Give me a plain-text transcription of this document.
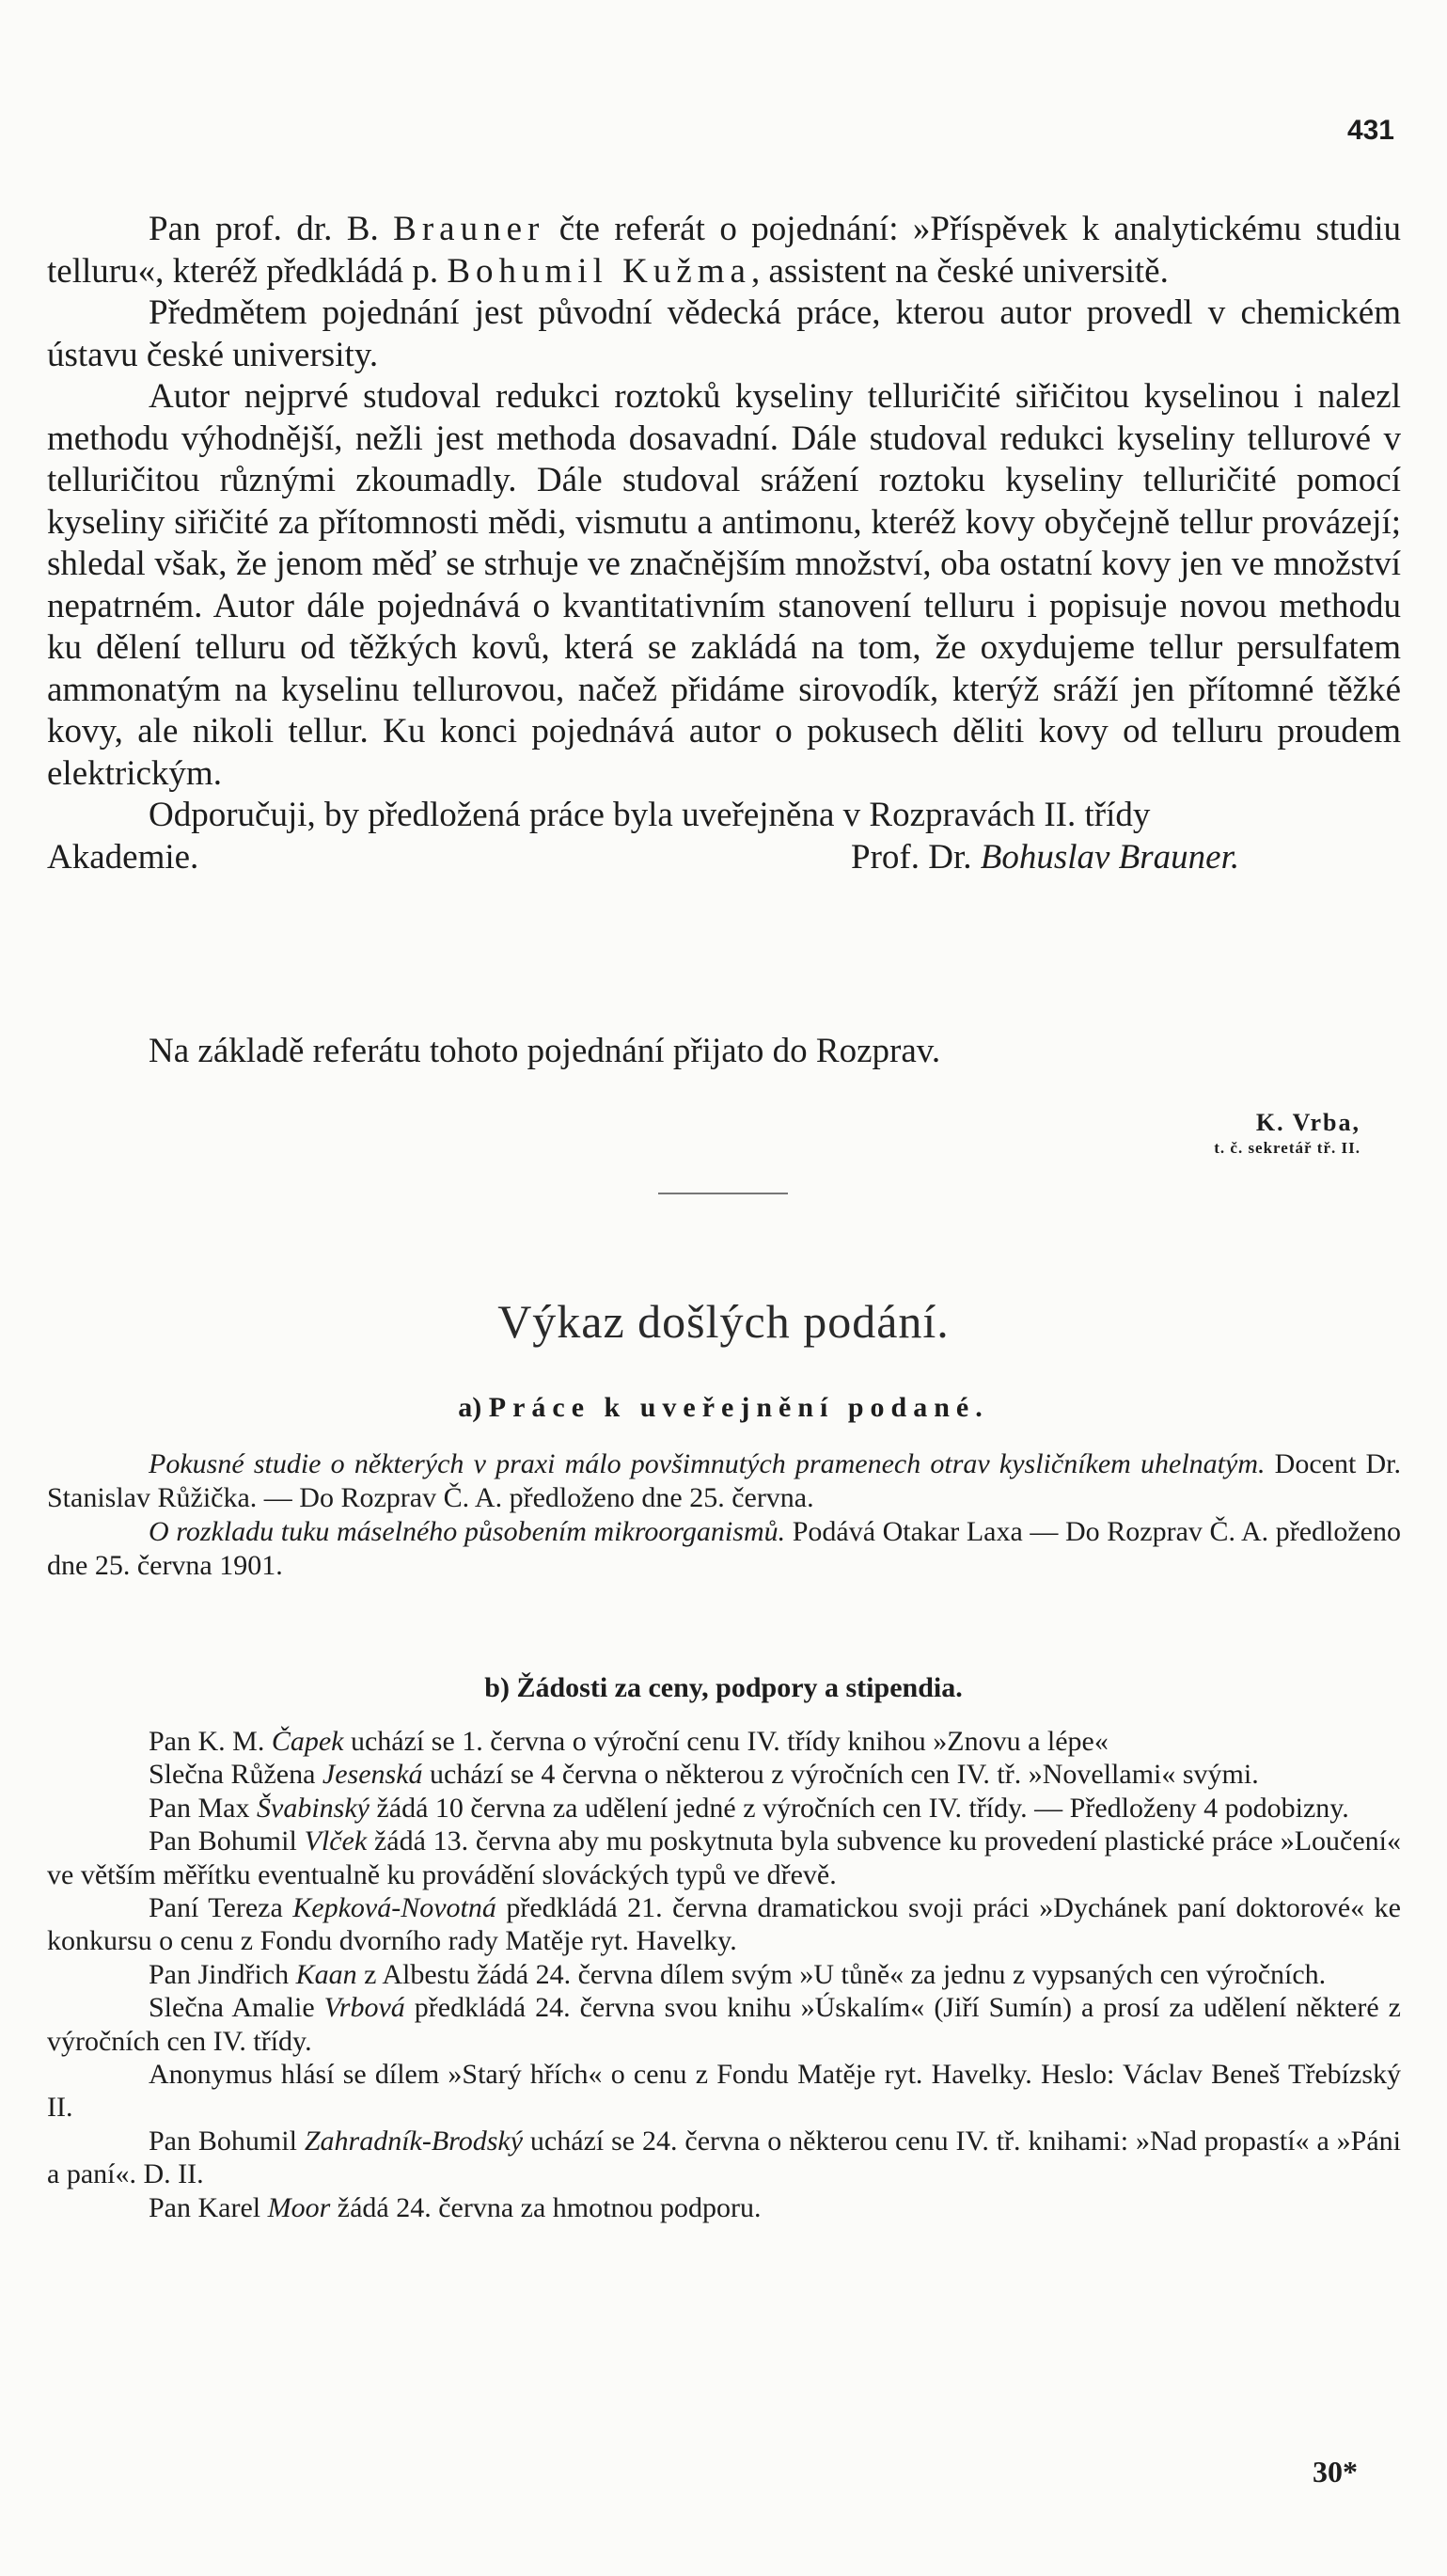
431

Pan prof. dr. B. Brauner čte referát o pojednání: »Příspěvek k analytickému studiu telluru«, kteréž předkládá p. Bohumil Kužma, assistent na české universitě.

Předmětem pojednání jest původní vědecká práce, kterou autor provedl v chemickém ústavu české university.

Autor nejprvé studoval redukci roztoků kyseliny telluričité siřičitou kyselinou i nalezl methodu výhodnější, nežli jest methoda dosavadní. Dále studoval redukci kyseliny tellurové v telluričitou různými zkoumadly. Dále studoval srážení roztoku kyseliny telluričité pomocí kyseliny siřičité za přítomnosti mědi, vismutu a antimonu, kteréž kovy obyčejně tellur provázejí; shledal však, že jenom měď se strhuje ve značnějším množství, oba ostatní kovy jen ve množství nepatrném. Autor dále pojednává o kvantitativním stanovení telluru i popisuje novou methodu ku dělení telluru od těžkých kovů, která se zakládá na tom, že oxydujeme tellur persulfatem ammonatým na kyselinu tellurovou, načež přidáme sirovodík, kterýž sráží jen přítomné těžké kovy, ale nikoli tellur. Ku konci pojednává autor o pokusech děliti kovy od telluru proudem elektrickým.

Odporučuji, by předložená práce byla uveřejněna v Rozpravách II. třídy

Akademie.	Prof. Dr. Bohuslav Brauner.

Na základě referátu tohoto pojednání přijato do Rozprav.

K. Vrba,
t. č. sekretář tř. II.
Výkaz došlých podání.
a) Práce k uveřejnění podané.

Pokusné studie o některých v praxi málo povšimnutých pramenech otrav kysličníkem uhelnatým. Docent Dr. Stanislav Růžička. — Do Rozprav Č. A. předloženo dne 25. června.

O rozkladu tuku máselného působením mikroorganismů. Podává Otakar Laxa — Do Rozprav Č. A. předloženo dne 25. června 1901.

b) Žádosti za ceny, podpory a stipendia.

Pan K. M. Čapek uchází se 1. června o výroční cenu IV. třídy knihou »Znovu a lépe«

Slečna Růžena Jesenská uchází se 4 června o některou z výročních cen IV. tř. »Novellami« svými.

Pan Max Švabinský žádá 10 června za udělení jedné z výročních cen IV. třídy. — Předloženy 4 podobizny.

Pan Bohumil Vlček žádá 13. června aby mu poskytnuta byla subvence ku provedení plastické práce »Loučení« ve větším měřítku eventualně ku provádění slováckých typů ve dřevě.

Paní Tereza Kepková-Novotná předkládá 21. června dramatickou svoji práci »Dychánek paní doktorové« ke konkursu o cenu z Fondu dvorního rady Matěje ryt. Havelky.

Pan Jindřich Kaan z Albestu žádá 24. června dílem svým »U tůně« za jednu z vypsaných cen výročních.

Slečna Amalie Vrbová předkládá 24. června svou knihu »Úskalím« (Jiří Sumín) a prosí za udělení některé z výročních cen IV. třídy.

Anonymus hlásí se dílem »Starý hřích« o cenu z Fondu Matěje ryt. Havelky. Heslo: Václav Beneš Třebízský II.

Pan Bohumil Zahradník-Brodský uchází se 24. června o některou cenu IV. tř. knihami: »Nad propastí« a »Páni a paní«. D. II.

Pan Karel Moor žádá 24. června za hmotnou podporu.

30*
